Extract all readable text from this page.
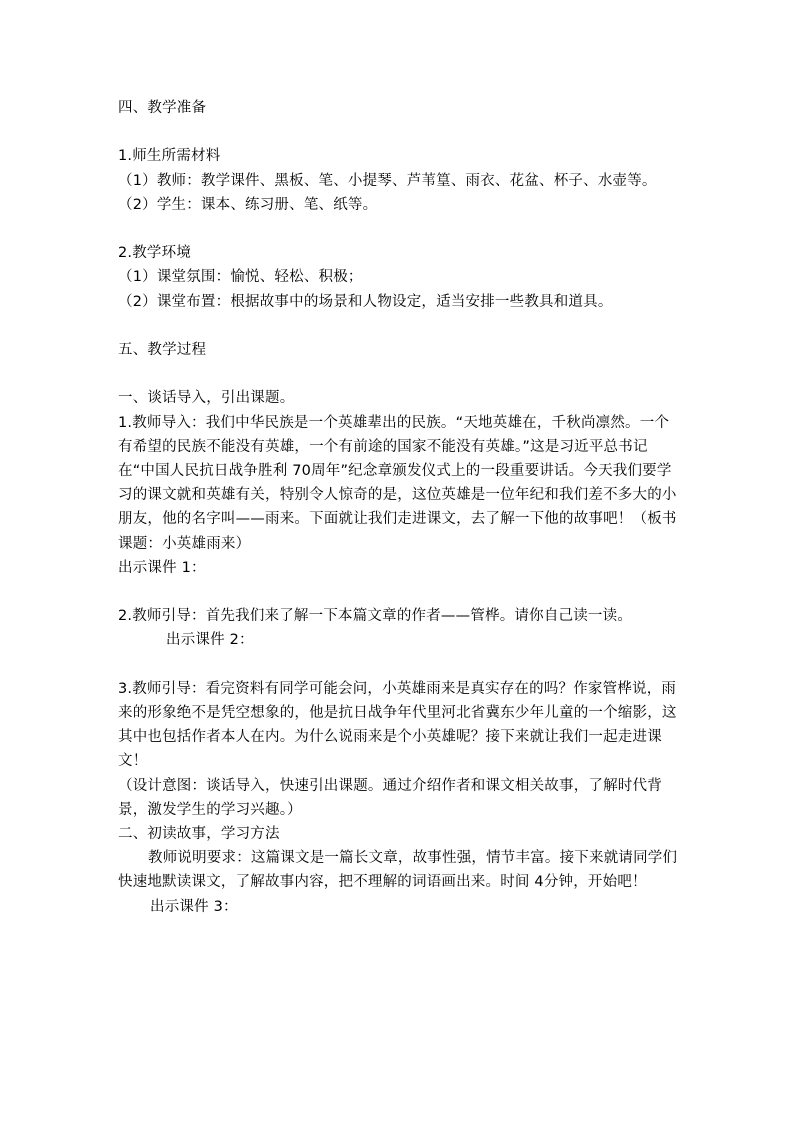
四、教学准备

1.师生所需材料

（1）教师：教学课件、黑板、笔、小提琴、芦苇篁、雨衣、花盆、杯子、水壶等。

（2）学生：课本、练习册、笔、纸等。

2.教学环境

（1）课堂氛围：愉悦、轻松、积极；

（2）课堂布置：根据故事中的场景和人物设定，适当安排一些教具和道具。

五、教学过程

一、谈话导入，引出课题。

1.教师导入：我们中华民族是一个英雄辈出的民族。“天地英雄在，千秋尚凛然。一个有希望的民族不能没有英雄，一个有前途的国家不能没有英雄。”这是习近平总书记在“中国人民抗日战争胜利 70周年”纪念章颁发仪式上的一段重要讲话。今天我们要学习的课文就和英雄有关，特别令人惊奇的是，这位英雄是一位年纪和我们差不多大的小朋友，他的名字叫——雨来。下面就让我们走进课文，去了解一下他的故事吧！（板书课题：小英雄雨来）

出示课件 1：

2.教师引导：首先我们来了解一下本篇文章的作者——管桦。请你自己读一读。

出示课件 2：

3.教师引导：看完资料有同学可能会问，小英雄雨来是真实存在的吗？作家管桦说，雨来的形象绝不是凭空想象的，他是抗日战争年代里河北省冀东少年儿童的一个缩影，这其中也包括作者本人在内。为什么说雨来是个小英雄呢？接下来就让我们一起走进课文！

（设计意图：谈话导入，快速引出课题。通过介绍作者和课文相关故事，了解时代背景，激发学生的学习兴趣。）

二、初读故事，学习方法

教师说明要求：这篇课文是一篇长文章，故事性强，情节丰富。接下来就请同学们快速地默读课文，了解故事内容，把不理解的词语画出来。时间 4分钟，开始吧！

出示课件 3：
